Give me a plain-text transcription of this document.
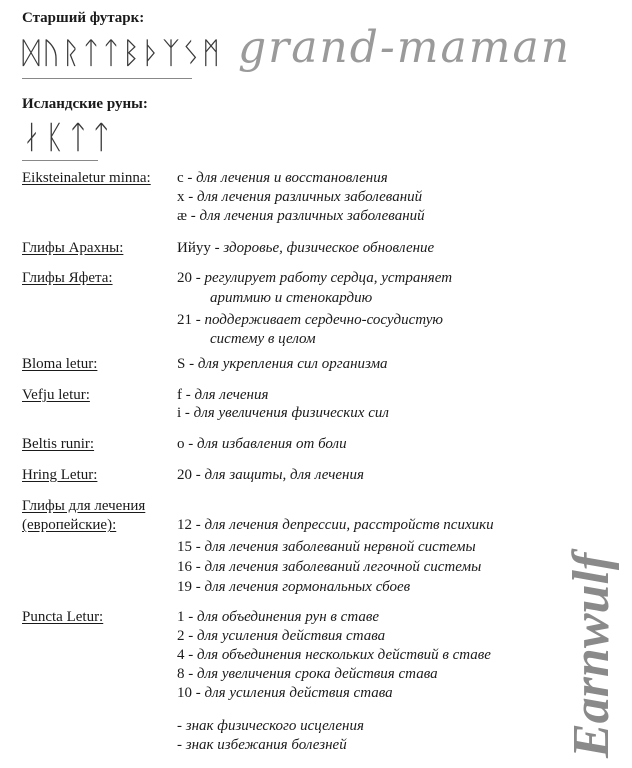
Старший футарк:
ᛞᚢᚱᛏᛏᛒᚦᛉᛊᛗ grand-maman
Исландские руны:
ᛅᛕᛏᛏ
Eiksteinaletur minna: c - для лечения и восстановления
x - для лечения различных заболеваний
æ - для лечения различных заболеваний
Глифы Арахны:	Ийуу - здоровье, физическое обновление
Глифы Яфета:	20 - регулирует работу сердца, устраняет
аритмию и стенокардию
21 - поддерживает сердечно-сосудистую
систему в целом
Bloma letur:	S - для укрепления сил организма
Vefju letur:	f - для лечения
i - для увеличения физических сил
Beltis runir:	o - для избавления от боли
Hring Letur:	20 - для защиты, для лечения
Глифы для лечения
(европейские):	12 - для лечения депрессии, расстройств психики
15 - для лечения заболеваний нервной системы
16 - для лечения заболеваний легочной системы
19 - для лечения гормональных сбоев
Puncta Letur:	1 - для объединения рун в ставе
2 - для усиления действия става
4 - для объединения нескольких действий в ставе
8 - для увеличения срока действия става
10 - для усиления действия става
- знак физического исцеления
- знак избежания болезней	Earnwulf
